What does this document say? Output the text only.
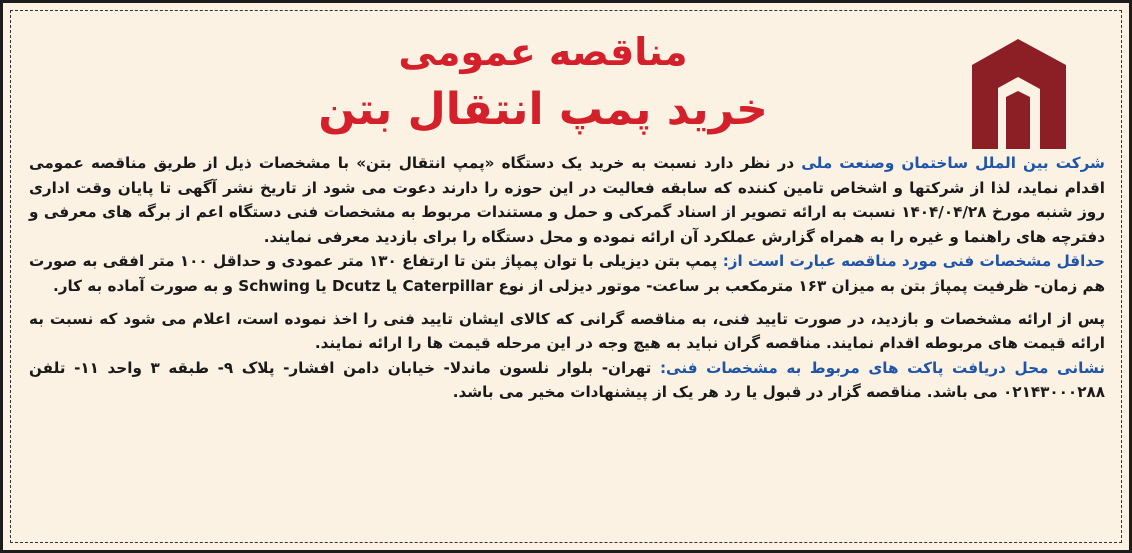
مناقصه عمومی
خرید پمپ انتقال بتن

شرکت بین الملل ساختمان وصنعت ملی در نظر دارد نسبت به خرید یک دستگاه «پمپ انتقال بتن» با مشخصات ذیل از طریق مناقصه عمومی اقدام نماید، لذا از شرکتها و اشخاص تامین کننده که سابقه فعالیت در این حوزه را دارند دعوت می شود از تاریخ نشر آگهی تا پایان وقت اداری روز شنبه مورخ ۱۴۰۴/۰۴/۲۸ نسبت به ارائه تصویر از اسناد گمرکی و حمل و مستندات مربوط به مشخصات فنی دستگاه اعم از برگه های معرفی و دفترچه های راهنما و غیره را به همراه گزارش عملکرد آن ارائه نموده و محل دستگاه را برای بازدید معرفی نمایند.

حداقل مشخصات فنی مورد مناقصه عبارت است از: پمپ بتن دیزیلی با توان پمپاژ بتن تا ارتفاع ۱۳۰ متر عمودی و حداقل ۱۰۰ متر افقی به صورت هم زمان- ظرفیت پمپاژ بتن به میزان ۱۶۳ مترمکعب بر ساعت- موتور دیزلی از نوع Caterpillar یا Dcutz یا Schwing و به صورت آماده به کار.

پس از ارائه مشخصات و بازدید، در صورت تایید فنی، به مناقصه گرانی که کالای ایشان تایید فنی را اخذ نموده است، اعلام می شود که نسبت به ارائه قیمت های مربوطه اقدام نمایند. مناقصه گران نباید به هیچ وجه در این مرحله قیمت ها را ارائه نمایند.

نشانی محل دریافت پاکت های مربوط به مشخصات فنی: تهران- بلوار نلسون ماندلا- خیابان دامن افشار- پلاک ۹- طبقه ۳ واحد ۱۱- تلفن ۰۲۱۴۳۰۰۰۲۸۸ می باشد. مناقصه گزار در قبول یا رد هر یک از پیشنهادات مخیر می باشد.
